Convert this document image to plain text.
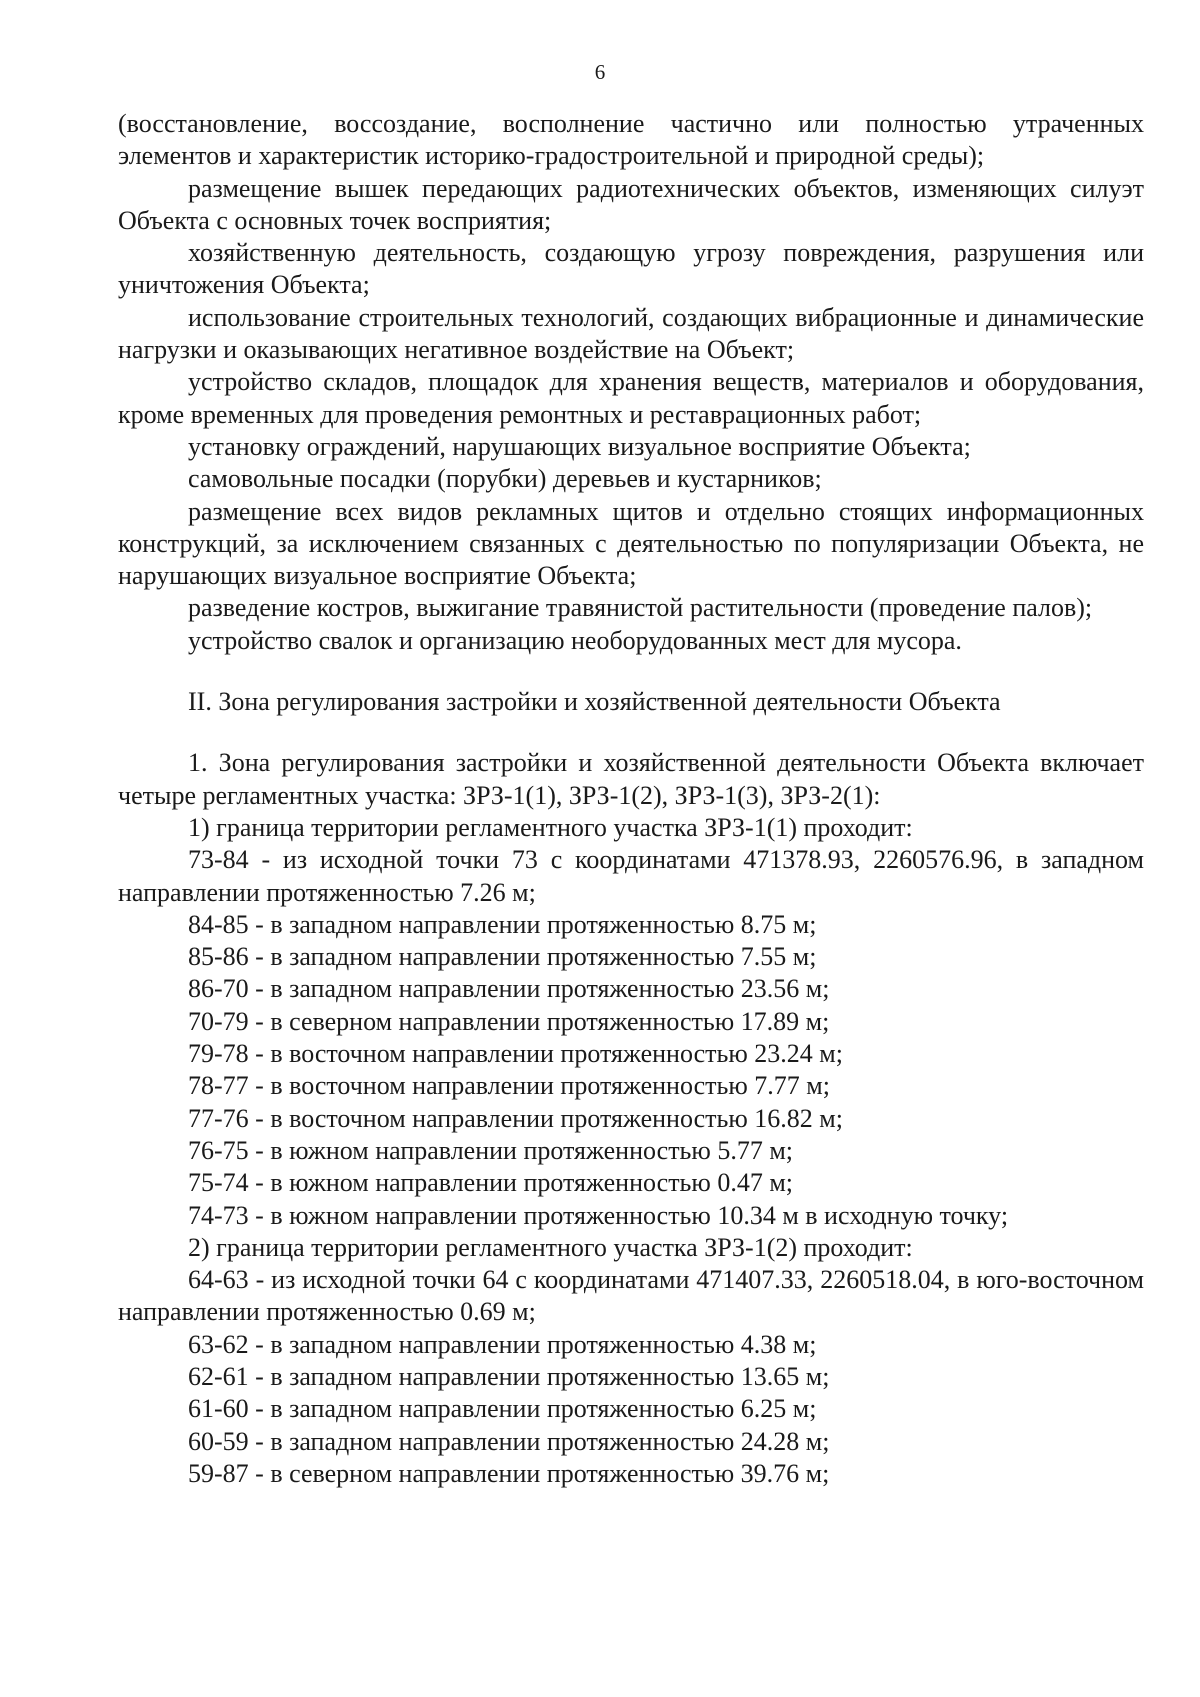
6

(восстановление, воссоздание, восполнение частично или полностью утраченных элементов и характеристик историко-градостроительной и природной среды);

размещение вышек передающих радиотехнических объектов, изменяющих силуэт Объекта с основных точек восприятия;

хозяйственную деятельность, создающую угрозу повреждения, разрушения или уничтожения Объекта;

использование строительных технологий, создающих вибрационные и динамические нагрузки и оказывающих негативное воздействие на Объект;

устройство складов, площадок для хранения веществ, материалов и оборудования, кроме временных для проведения ремонтных и реставрационных работ;

установку ограждений, нарушающих визуальное восприятие Объекта;

самовольные посадки (порубки) деревьев и кустарников;

размещение всех видов рекламных щитов и отдельно стоящих информационных конструкций, за исключением связанных с деятельностью по популяризации Объекта, не нарушающих визуальное восприятие Объекта;

разведение костров, выжигание травянистой растительности (проведение палов);

устройство свалок и организацию необорудованных мест для мусора.

II. Зона регулирования застройки и хозяйственной деятельности Объекта

1. Зона регулирования застройки и хозяйственной деятельности Объекта включает четыре регламентных участка: ЗРЗ-1(1), ЗРЗ-1(2), ЗРЗ-1(3), ЗРЗ-2(1):

1) граница территории регламентного участка ЗРЗ-1(1) проходит:

73-84 - из исходной точки 73 с координатами 471378.93, 2260576.96, в западном направлении протяженностью 7.26 м;

84-85 - в западном направлении протяженностью 8.75 м;

85-86 - в западном направлении протяженностью 7.55 м;

86-70 - в западном направлении протяженностью 23.56 м;

70-79 - в северном направлении протяженностью 17.89 м;

79-78 - в восточном направлении протяженностью 23.24 м;

78-77 - в восточном направлении протяженностью 7.77 м;

77-76 - в восточном направлении протяженностью 16.82 м;

76-75 - в южном направлении протяженностью 5.77 м;

75-74 - в южном направлении протяженностью 0.47 м;

74-73 - в южном направлении протяженностью 10.34 м в исходную точку;

2) граница территории регламентного участка ЗРЗ-1(2) проходит:

64-63 - из исходной точки 64 с координатами 471407.33, 2260518.04, в юго-восточном направлении протяженностью 0.69 м;

63-62 - в западном направлении протяженностью 4.38 м;

62-61 - в западном направлении протяженностью 13.65 м;

61-60 - в западном направлении протяженностью 6.25 м;

60-59 - в западном направлении протяженностью 24.28 м;

59-87 - в северном направлении протяженностью 39.76 м;
